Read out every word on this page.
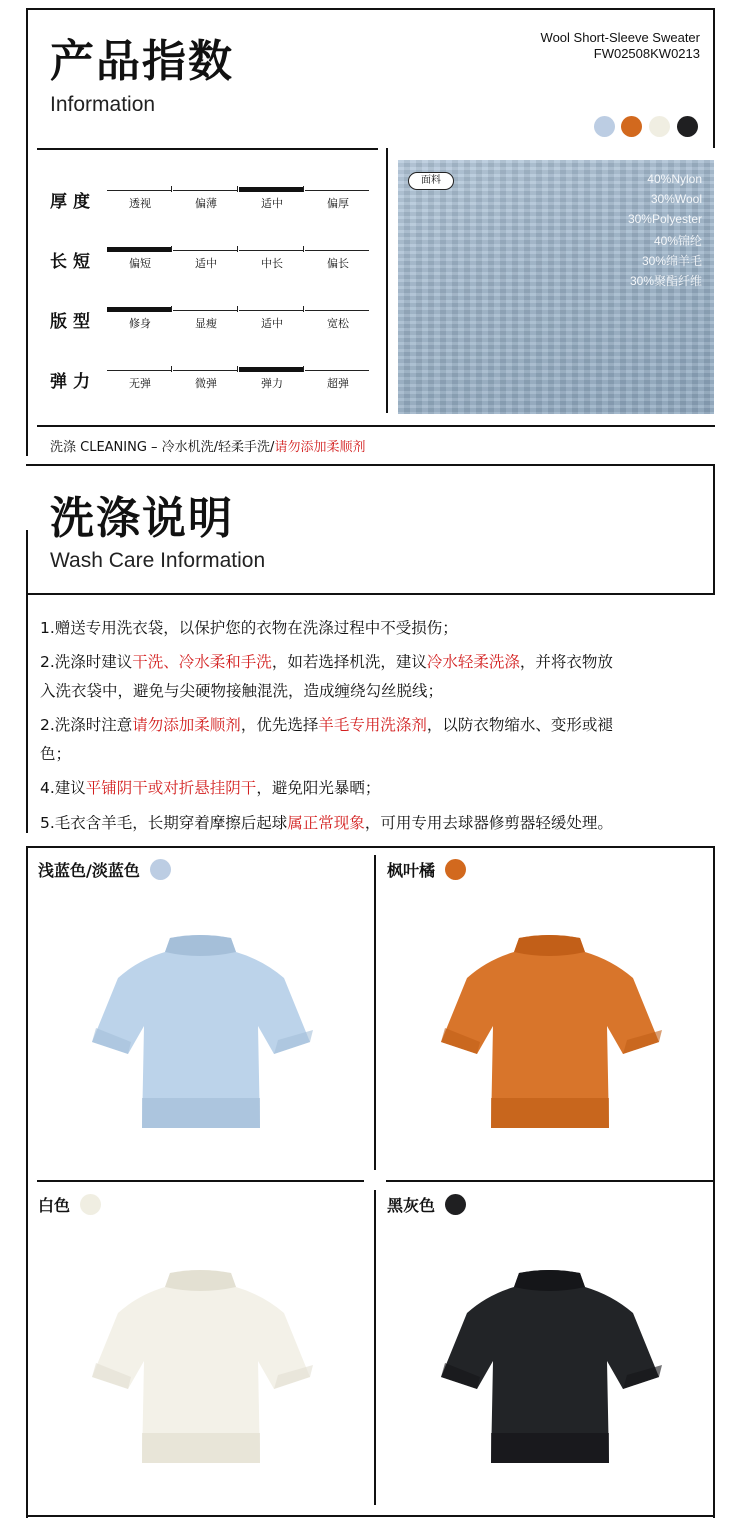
产品指数
Information
Wool Short-Sleeve Sweater
FW02508KW0213
厚度	透视	偏薄	适中	偏厚
长短	偏短	适中	中长	偏长
版型	修身	显瘦	适中	宽松
弹力	无弹	微弹	弹力	超弹
面料	40%Nylon
30%Wool
30%Polyester
40%锦纶
30%绵羊毛
30%聚酯纤维
洗涤 CLEANING – 冷水机洗/轻柔手洗/请勿添加柔顺剂
洗涤说明
Wash Care Information
1.赠送专用洗衣袋，以保护您的衣物在洗涤过程中不受损伤；
2.洗涤时建议干洗、冷水柔和手洗，如若选择机洗，建议冷水轻柔洗涤，并将衣物放
入洗衣袋中，避免与尖硬物接触混洗，造成缠绕勾丝脱线；
2.洗涤时注意请勿添加柔顺剂，优先选择羊毛专用洗涤剂，以防衣物缩水、变形或褪
色；
4.建议平铺阴干或对折悬挂阴干，避免阳光暴晒；
5.毛衣含羊毛，长期穿着摩擦后起球属正常现象，可用专用去球器修剪器轻缓处理。
浅蓝色/淡蓝色	枫叶橘
白色	黑灰色
